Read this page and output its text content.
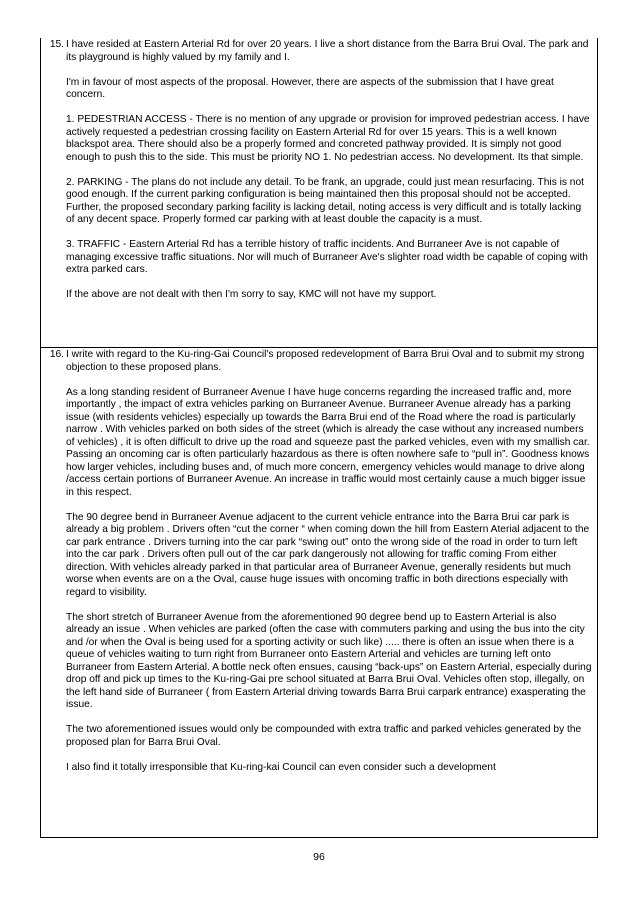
15. I have resided at Eastern Arterial Rd for over 20 years. I live a short distance from the Barra Brui Oval. The park and its playground is highly valued by my family and I.

I'm in favour of most aspects of the proposal. However, there are aspects of the submission that I have great concern.

1. PEDESTRIAN ACCESS - There is no mention of any upgrade or provision for improved pedestrian access. I have actively requested a pedestrian crossing facility on Eastern Arterial Rd for over 15 years. This is a well known blackspot area. There should also be a properly formed and concreted pathway provided. It is simply not good enough to push this to the side. This must be priority NO 1. No pedestrian access. No development. Its that simple.

2. PARKING - The plans do not include any detail. To be frank, an upgrade, could just mean resurfacing. This is not good enough. If the current parking configuration is being maintained then this proposal should not be accepted. Further, the proposed secondary parking facility is lacking detail, noting access is very difficult and is totally lacking of any decent space. Properly formed car parking with at least double the capacity is a must.

3. TRAFFIC - Eastern Arterial Rd has a terrible history of traffic incidents. And Burraneer Ave is not capable of managing excessive traffic situations. Nor will much of Burraneer Ave's slighter road width be capable of coping with extra parked cars.

If the above are not dealt with then I'm sorry to say, KMC will not have my support.

16. I write with regard to the Ku-ring-Gai Council's proposed redevelopment of Barra Brui Oval and to submit my strong objection to these proposed plans.

As a long standing resident of Burraneer Avenue I have huge concerns regarding the increased traffic and, more importantly , the impact of extra vehicles parking on Burraneer Avenue. Burraneer Avenue already has a parking issue (with residents vehicles) especially up towards the Barra Brui end of the Road where the road is particularly narrow . With vehicles parked on both sides of the street (which is already the case without any increased numbers of vehicles) , it is often difficult to drive up the road and squeeze past the parked vehicles, even with my smallish car. Passing an oncoming car is often particularly hazardous as there is often nowhere safe to “pull in”. Goodness knows how larger vehicles, including buses and, of much more concern, emergency vehicles would manage to drive along /access certain portions of Burraneer Avenue. An increase in traffic would most certainly cause a much bigger issue in this respect.

The 90 degree bend in Burraneer Avenue adjacent to the current vehicle entrance into the Barra Brui car park is already a big problem . Drivers often “cut the corner “ when coming down the hill from Eastern Aterial adjacent to the car park entrance . Drivers turning into the car park “swing out” onto the wrong side of the road in order to turn left into the car park . Drivers often pull out of the car park dangerously not allowing for traffic coming From either direction. With vehicles already parked in that particular area of Burraneer Avenue, generally residents but much worse when events are on a the Oval, cause huge issues with oncoming traffic in both directions especially with regard to visibility.

The short stretch of Burraneer Avenue from the aforementioned 90 degree bend up to Eastern Arterial is also already an issue . When vehicles are parked (often the case with commuters parking and using the bus into the city and /or when the Oval is being used for a sporting activity or such like) ..... there is often an issue when there is a queue of vehicles waiting to turn right from Burraneer onto Eastern Arterial and vehicles are turning left onto Burraneer from Eastern Arterial. A bottle neck often ensues, causing “back-ups” on Eastern Arterial, especially during drop off and pick up times to the Ku-ring-Gai pre school situated at Barra Brui Oval. Vehicles often stop, illegally, on the left hand side of Burraneer ( from Eastern Arterial driving towards Barra Brui carpark entrance) exasperating the issue.

The two aforementioned issues would only be compounded with extra traffic and parked vehicles generated by the proposed plan for Barra Brui Oval.

I also find it totally irresponsible that Ku-ring-kai Council can even consider such a development

96
